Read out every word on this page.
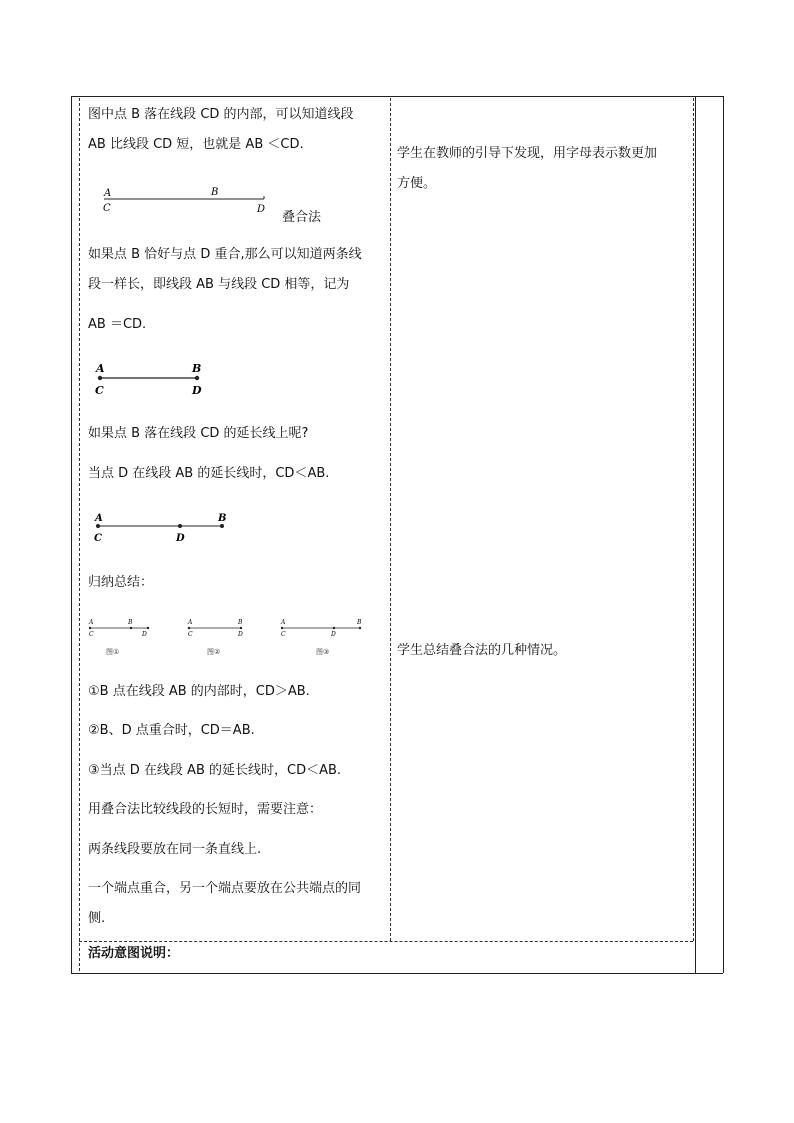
图中点 B 落在线段 CD 的内部，可以知道线段
AB 比线段 CD 短，也就是 AB ＜CD.
A	B
C	D
叠合法
如果点 B 恰好与点 D 重合,那么可以知道两条线
段一样长，即线段 AB 与线段 CD 相等，记为
AB ＝CD.
A	B
C	D
如果点 B 落在线段 CD 的延长线上呢?
当点 D 在线段 AB 的延长线时，CD＜AB.
A	B
C	D
归纳总结：
A	B
C	D
图①
A	B
C	D
图②
A	B
C	D
图③
①B 点在线段 AB 的内部时，CD＞AB.
②B、D 点重合时，CD＝AB.
③当点 D 在线段 AB 的延长线时，CD＜AB.
用叠合法比较线段的长短时，需要注意：
两条线段要放在同一条直线上.
一个端点重合，另一个端点要放在公共端点的同
侧.
学生在教师的引导下发现，用字母表示数更加
方便。
学生总结叠合法的几种情况。
活动意图说明：
